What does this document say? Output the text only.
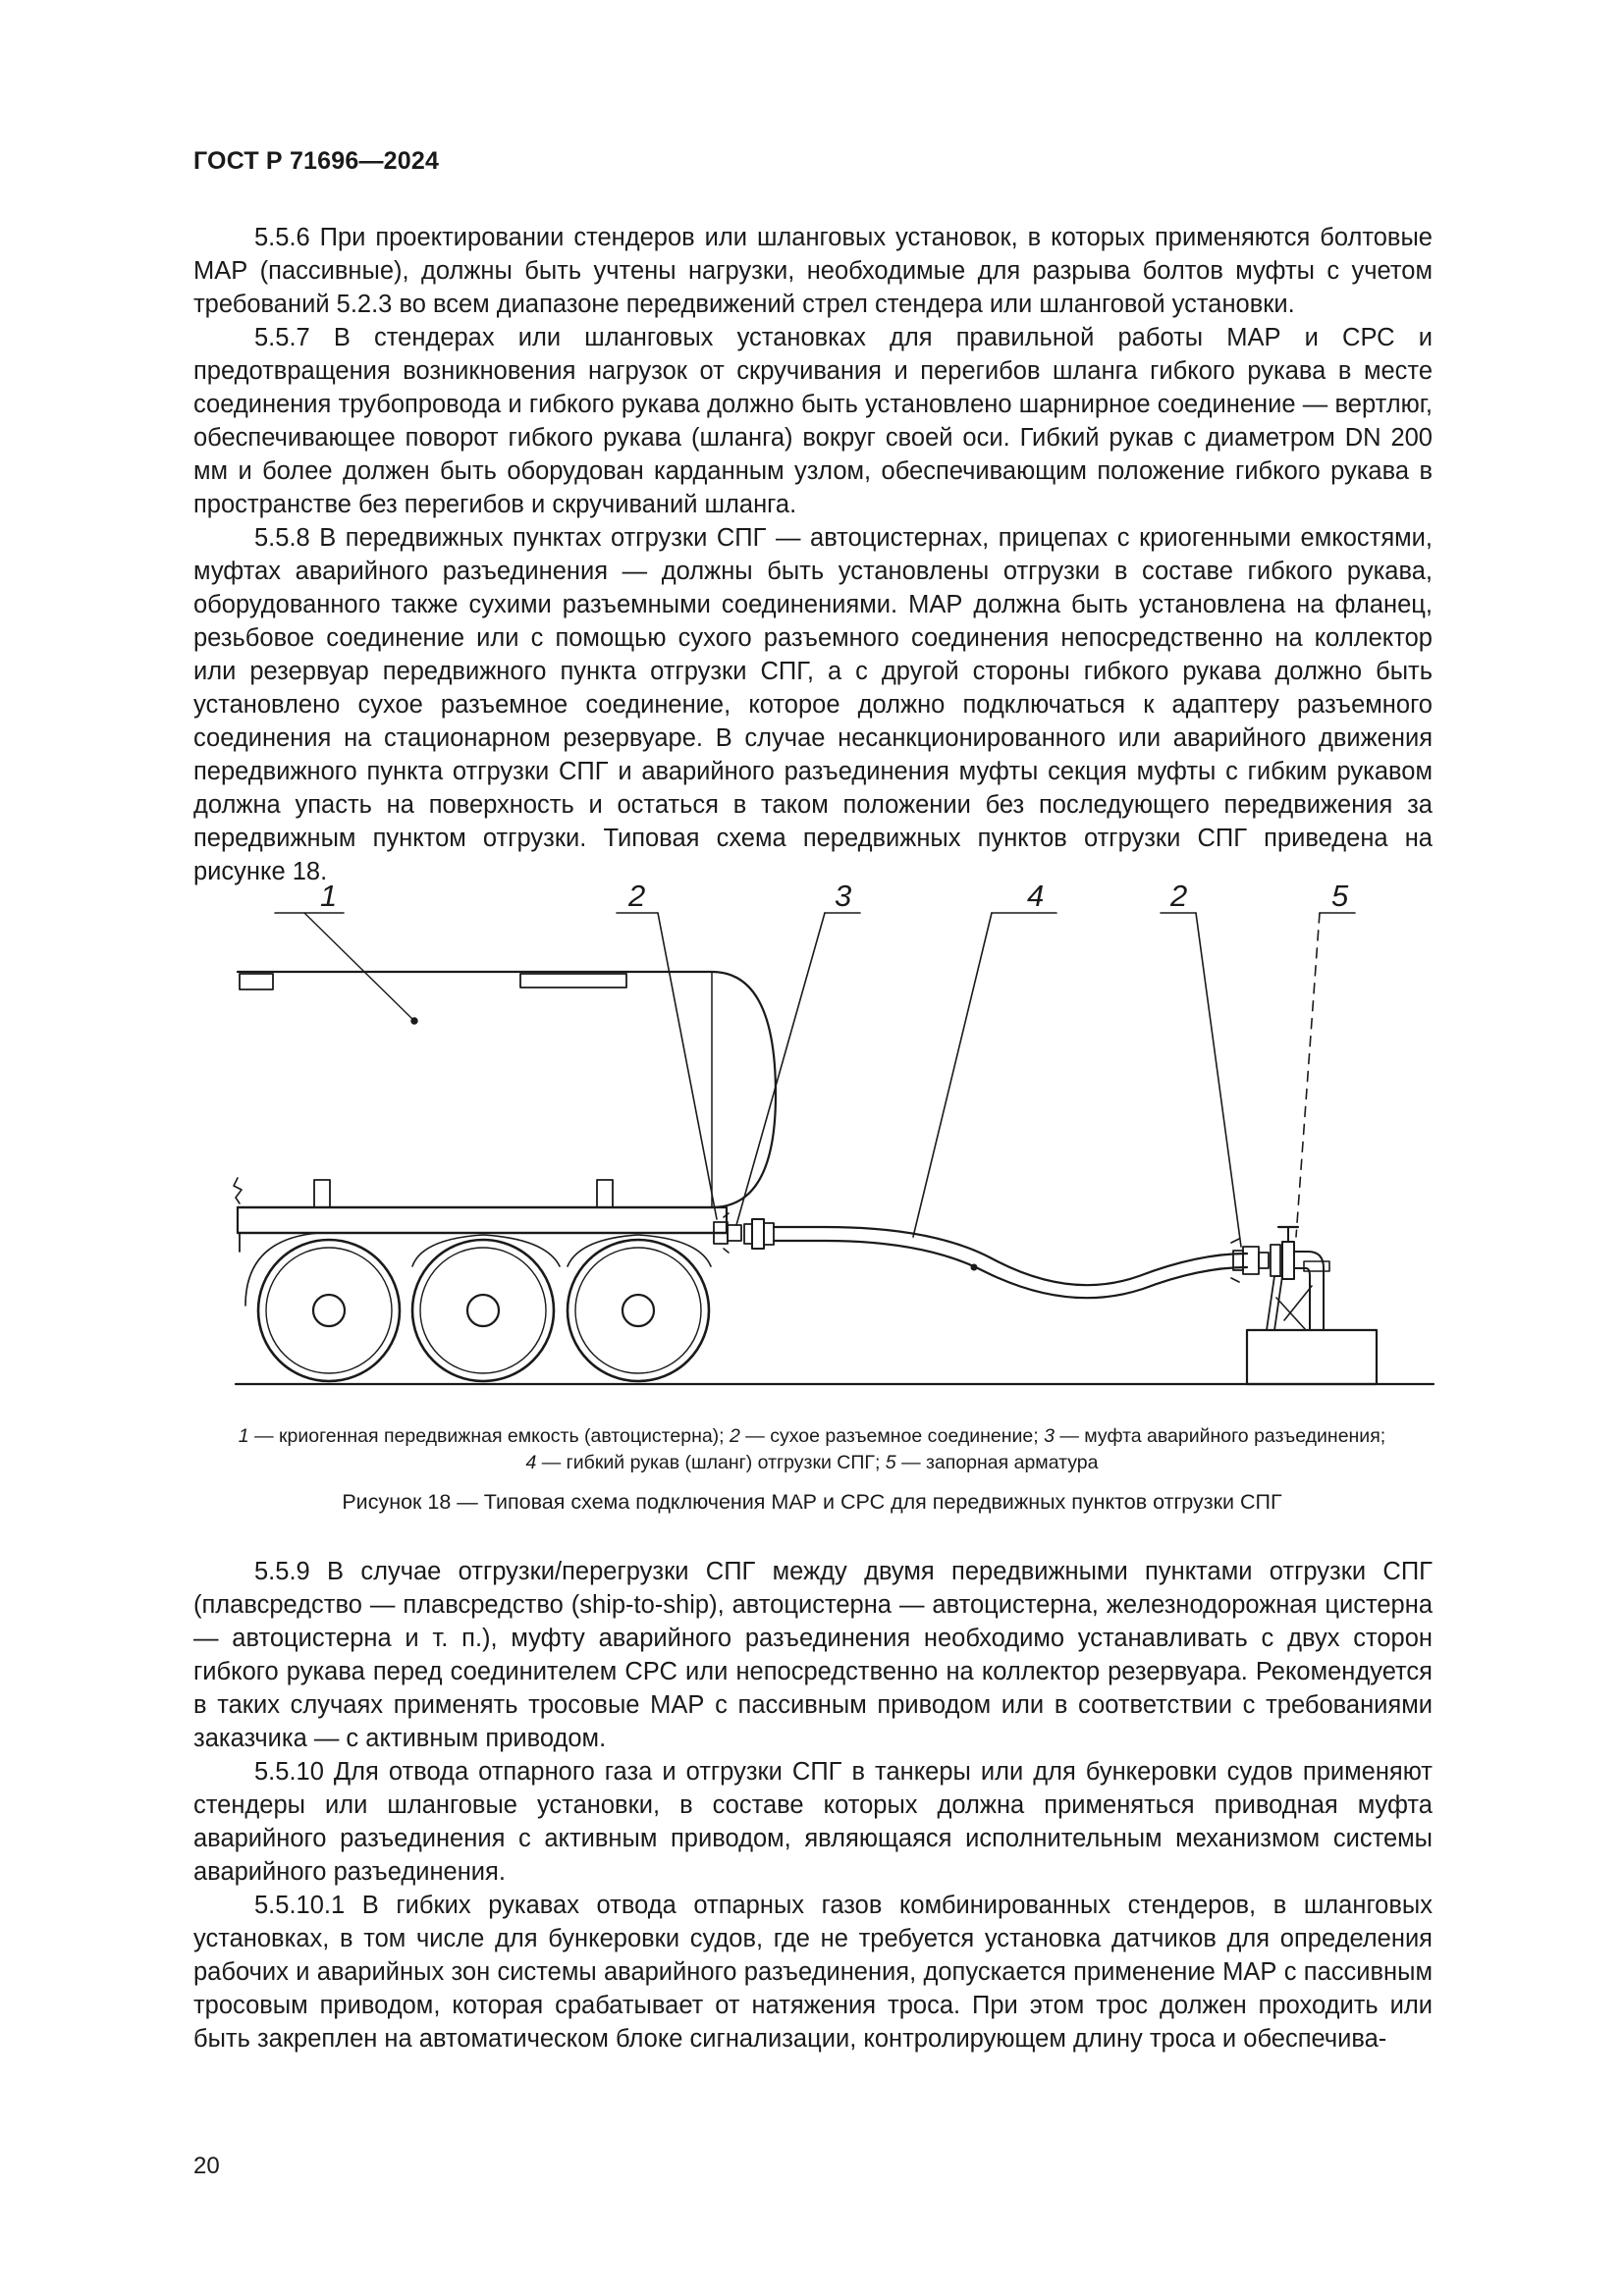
ГОСТ Р 71696—2024

5.5.6 При проектировании стендеров или шланговых установок, в которых применяются болтовые МАР (пассивные), должны быть учтены нагрузки, необходимые для разрыва болтов муфты с учетом требований 5.2.3 во всем диапазоне передвижений стрел стендера или шланговой установки.

5.5.7 В стендерах или шланговых установках для правильной работы МАР и СРС и предотвращения возникновения нагрузок от скручивания и перегибов шланга гибкого рукава в месте соединения трубопровода и гибкого рукава должно быть установлено шарнирное соединение — вертлюг, обеспечивающее поворот гибкого рукава (шланга) вокруг своей оси. Гибкий рукав с диаметром DN 200 мм и более должен быть оборудован карданным узлом, обеспечивающим положение гибкого рукава в пространстве без перегибов и скручиваний шланга.

5.5.8 В передвижных пунктах отгрузки СПГ — автоцистернах, прицепах с криогенными емкостями, муфтах аварийного разъединения — должны быть установлены отгрузки в составе гибкого рукава, оборудованного также сухими разъемными соединениями. МАР должна быть установлена на фланец, резьбовое соединение или с помощью сухого разъемного соединения непосредственно на коллектор или резервуар передвижного пункта отгрузки СПГ, а с другой стороны гибкого рукава должно быть установлено сухое разъемное соединение, которое должно подключаться к адаптеру разъемного соединения на стационарном резервуаре. В случае несанкционированного или аварийного движения передвижного пункта отгрузки СПГ и аварийного разъединения муфты секция муфты с гибким рукавом должна упасть на поверхность и остаться в таком положении без последующего передвижения за передвижным пунктом отгрузки. Типовая схема передвижных пунктов отгрузки СПГ приведена на рисунке 18.

1	2	3	4	2	5
1 — криогенная передвижная емкость (автоцистерна); 2 — сухое разъемное соединение; 3 — муфта аварийного разъединения;
4 — гибкий рукав (шланг) отгрузки СПГ; 5 — запорная арматура
Рисунок 18 — Типовая схема подключения МАР и СРС для передвижных пунктов отгрузки СПГ

5.5.9 В случае отгрузки/перегрузки СПГ между двумя передвижными пунктами отгрузки СПГ (плавсредство — плавсредство (ship-to-ship), автоцистерна — автоцистерна, железнодорожная цистерна — автоцистерна и т. п.), муфту аварийного разъединения необходимо устанавливать с двух сторон гибкого рукава перед соединителем СРС или непосредственно на коллектор резервуара. Рекомендуется в таких случаях применять тросовые МАР с пассивным приводом или в соответствии с требованиями заказчика — с активным приводом.

5.5.10 Для отвода отпарного газа и отгрузки СПГ в танкеры или для бункеровки судов применяют стендеры или шланговые установки, в составе которых должна применяться приводная муфта аварийного разъединения с активным приводом, являющаяся исполнительным механизмом системы аварийного разъединения.

5.5.10.1 В гибких рукавах отвода отпарных газов комбинированных стендеров, в шланговых установках, в том числе для бункеровки судов, где не требуется установка датчиков для определения рабочих и аварийных зон системы аварийного разъединения, допускается применение МАР с пассивным тросовым приводом, которая срабатывает от натяжения троса. При этом трос должен проходить или быть закреплен на автоматическом блоке сигнализации, контролирующем длину троса и обеспечива-

20
